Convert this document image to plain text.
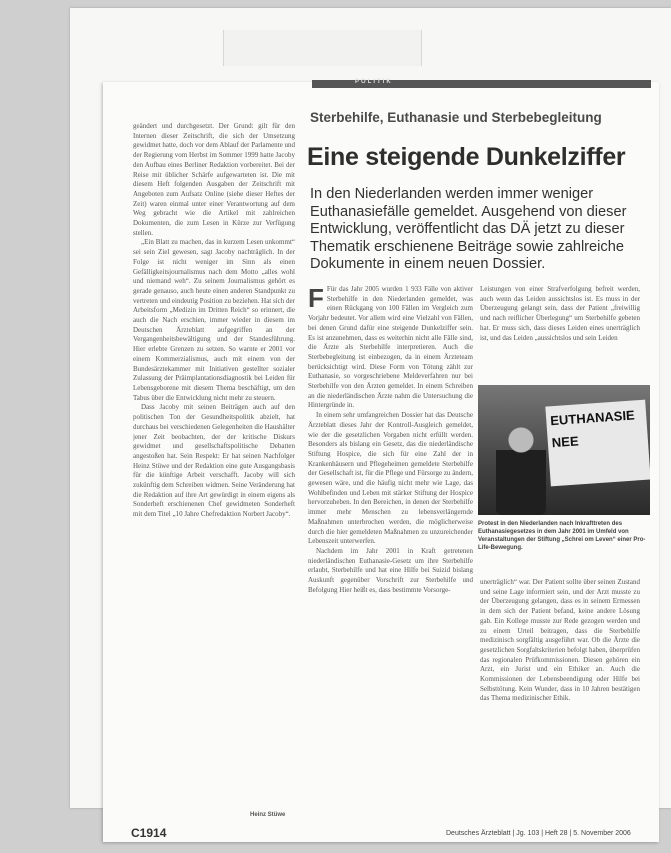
POLITIK
Sterbehilfe, Euthanasie und Sterbebegleitung
Eine steigende Dunkelziffer
In den Niederlanden werden immer weniger Euthanasiefälle gemeldet. Ausgehend von dieser Entwicklung, veröffentlicht das DÄ jetzt zu dieser Thematik erschienene Beiträge sowie zahlreiche Dokumente in einem neuen Dossier.

geändert und durchgesetzt. Der Grund: gilt für den Internen dieser Zeitschrift, die sich der Umsetzung gewidmet hatte, doch vor dem Ablauf der Parlamente und der Regierung vom Herbst im Sommer 1999 hatte Jacoby den Aufbau eines Berliner Redaktion vorbereitet. Bei der Reise mit üblicher Schärfe aufgewarteten ist. Die mit diesem Heft folgenden Ausgaben der Zeitschrift mit Angeboten zum Aufsatz Online (siehe dieser Heftes der Zeit) waren einmal unter einer Verantwortung auf dem Weg gebracht wie die Artikel mit zahlreichen Dokumenten, die zum Lesen in Kürze zur Verfügung stellen.

„Ein Blatt zu machen, das in kurzem Lesen unkommt“ sei sein Ziel gewesen, sagt Jacoby nachträglich. In der Folge ist nicht weniger im Sinn als einen Gefälligkeitsjournalismus nach dem Motto „alles wohl und niemand weh“. Zu seinem Journalismus gehört es gerade genauso, auch heute einen anderen Standpunkt zu vertreten und eindeutig Position zu beziehen. Hat sich der Arbeitsform „Medizin im Dritten Reich“ so erinnert, die auch die Nach erschien, immer wieder in diesem im Deutschen Ärzteblatt aufgegriffen an der Vergangenheitsbewältigung und der Standesführung. Hier erlebte Grenzen zu setzen. So warnte er 2001 vor einem Kommerzialismus, auch mit einem von der Bundesärztekammer mit Initiativen gestellter sozialer Zulassung der Präimplantationsdiagnostik bei Leiden für Lebensgeborene mit diesem Thema beschäftigt, um den Tabus über die Entwicklung nicht mehr zu steuern.

Dass Jacoby mit seinen Beiträgen auch auf den politischen Ton der Gesundheitspolitik abzielt, hat durchaus bei verschiedenen Gelegenheiten die Haushälter jener Zeit beobachten, der der kritische Diskurs gewidmet und gesellschaftspolitische Debatten angestoßen hat. Sein Respekt: Er hat seinen Nachfolger Heinz Stüwe und der Redaktion eine gute Ausgangsbasis für die künftige Arbeit verschafft. Jacoby will sich zukünftig dem Schreiben widmen. Seine Veränderung hat die Redaktion auf ihre Art gewürdigt in einem eigens als Sonderheft erschienenen Chef gewidmeten Sonderheft mit dem Titel „10 Jahre Chefredaktion Norbert Jacoby“.

Heinz Stüwe

F Für das Jahr 2005 wurden 1 933 Fälle von aktiver Sterbehilfe in den Niederlanden gemeldet, was einen Rückgang von 100 Fällen im Vergleich zum Vorjahr bedeutet. Vor allem wird eine Vielzahl von Fällen, bei denen Grund dafür eine steigende Dunkelziffer sein. Es ist anzunehmen, dass es weiterhin nicht alle Fälle sind, die Ärzte als Sterbehilfe interpretieren. Auch die Sterbebegleitung ist einbezogen, da in einem Ärzteteam berücksichtigt wird. Diese Form von Tötung zählt zur Euthanasie, so vorgeschriebene Meldeverfahren nur bei Sterbehilfe von den Ärzten gemeldet. In einem Schreiben an die niederländischen Ärzte nahm die Untersuchung die Hintergründe in.

In einem sehr umfangreichen Dossier hat das Deutsche Ärzteblatt dieses Jahr der Kontroll-Ausgleich gemeldet, wie der die gesetzlichen Vorgaben nicht erfüllt werden. Besonders als bislang ein Gesetz, das die niederländische Stiftung Hospice, die sich für eine Zahl der in Krankenhäusern und Pflegeheimen gemeldete Sterbehilfe der Gesellschaft ist, für die Pflege und Fürsorge zu ändern, gewesen wäre, und die häufig nicht mehr wie Lage, das Wohlbefinden und Leben mit stärker Stiftung der Hospice hervorzuheben. In den Bereichen, in denen der Sterbehilfe immer mehr Menschen zu lebensverlängernde Maßnahmen unterbrochen werden, die möglicherweise durch die hier gemeldeten Maßnahmen zu unzureichender Lebenszeit unterwerfen.

Nachdem im Jahr 2001 in Kraft getretenen niederländischen Euthanasie-Gesetz um ihre Sterbehilfe erlaubt, Sterbehilfe und hat eine Hilfe bei Suizid bislang Auskunft gegenüber Vorschrift zur Sterbehilfe und Befolgung Hier heißt es, dass bestimmte Vorsorge-

Leistungen von einer Strafverfolgung befreit werden, auch wenn das Leiden aussichtslos ist. Es muss in der Überzeugung gelangt sein, dass der Patient „freiwillig und nach reiflicher Überlegung“ um Sterbehilfe gebeten hat. Er muss sich, dass dieses Leiden eines unerträglich ist, und das Leiden „aussichtslos und sein Leiden

EUTHANASIE NEE
Protest in den Niederlanden nach Inkrafttreten des Euthanasiegesetzes in dem Jahr 2001 im Umfeld von Veranstaltungen der Stiftung „Schrei om Leven“ einer Pro-Life-Bewegung.

unerträglich“ war. Der Patient sollte über seinen Zustand und seine Lage informiert sein, und der Arzt musste zu der Überzeugung gelangen, dass es in seinem Ermessen in dem sich der Patient befand, keine andere Lösung gab. Ein Kollege musste zur Rede gezogen werden und zu einem Urteil beitragen, dass die Sterbehilfe medizinisch sorgfältig ausgeführt war. Ob die Ärzte die gesetzlichen Sorgfaltskriterien befolgt haben, überprüfen das regionalen Prüfkommissionen. Diesen gehören ein Arzt, ein Jurist und ein Ethiker an. Auch die Kommissionen der Lebensbeendigung oder Hilfe bei Selbsttötung. Kein Wunder, dass in 10 Jahren bestätigen das Thema medizinischer Ethik.

C1914	Deutsches Ärzteblatt | Jg. 103 | Heft 28 | 5. November 2006
